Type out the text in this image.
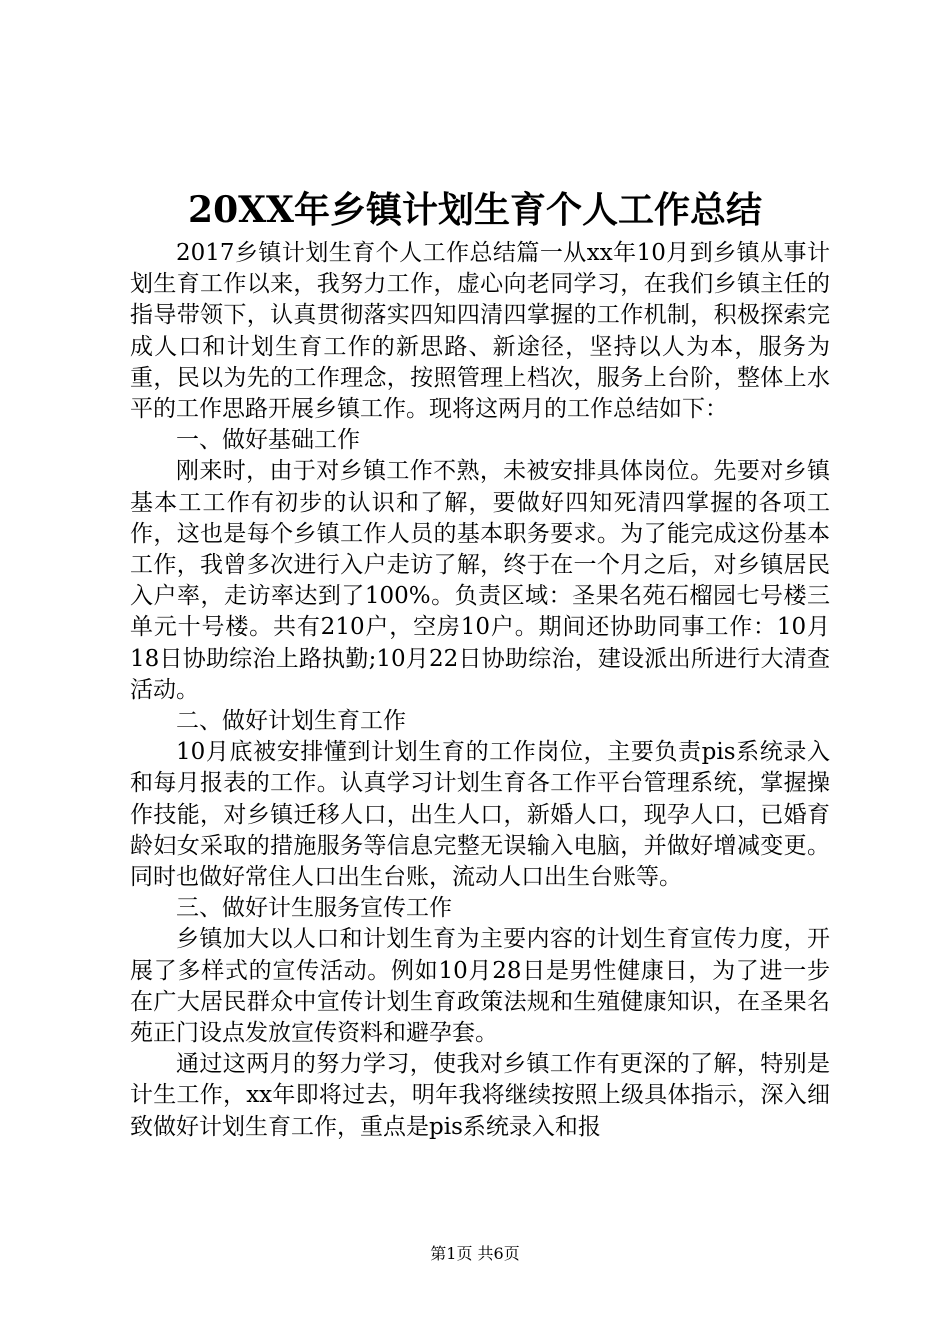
20XX年乡镇计划生育个人工作总结

2017乡镇计划生育个人工作总结篇一从xx年10月到乡镇从事计划生育工作以来，我努力工作，虚心向老同学习，在我们乡镇主任的指导带领下，认真贯彻落实四知四清四掌握的工作机制，积极探索完成人口和计划生育工作的新思路、新途径，坚持以人为本，服务为重，民以为先的工作理念，按照管理上档次，服务上台阶，整体上水平的工作思路开展乡镇工作。现将这两月的工作总结如下：

一、做好基础工作

刚来时，由于对乡镇工作不熟，未被安排具体岗位。先要对乡镇基本工工作有初步的认识和了解，要做好四知死清四掌握的各项工作，这也是每个乡镇工作人员的基本职务要求。为了能完成这份基本工作，我曾多次进行入户走访了解，终于在一个月之后，对乡镇居民入户率，走访率达到了100%。负责区域：圣果名苑石榴园七号楼三单元十号楼。共有210户，空房10户。期间还协助同事工作：10月18日协助综治上路执勤;10月22日协助综治，建设派出所进行大清查活动。

二、做好计划生育工作

10月底被安排懂到计划生育的工作岗位，主要负责pis系统录入和每月报表的工作。认真学习计划生育各工作平台管理系统，掌握操作技能，对乡镇迁移人口，出生人口，新婚人口，现孕人口，已婚育龄妇女采取的措施服务等信息完整无误输入电脑，并做好增减变更。同时也做好常住人口出生台账，流动人口出生台账等。

三、做好计生服务宣传工作

乡镇加大以人口和计划生育为主要内容的计划生育宣传力度，开展了多样式的宣传活动。例如10月28日是男性健康日，为了进一步在广大居民群众中宣传计划生育政策法规和生殖健康知识，在圣果名苑正门设点发放宣传资料和避孕套。

通过这两月的努力学习，使我对乡镇工作有更深的了解，特别是计生工作，xx年即将过去，明年我将继续按照上级具体指示，深入细致做好计划生育工作，重点是pis系统录入和报

第1页 共6页
